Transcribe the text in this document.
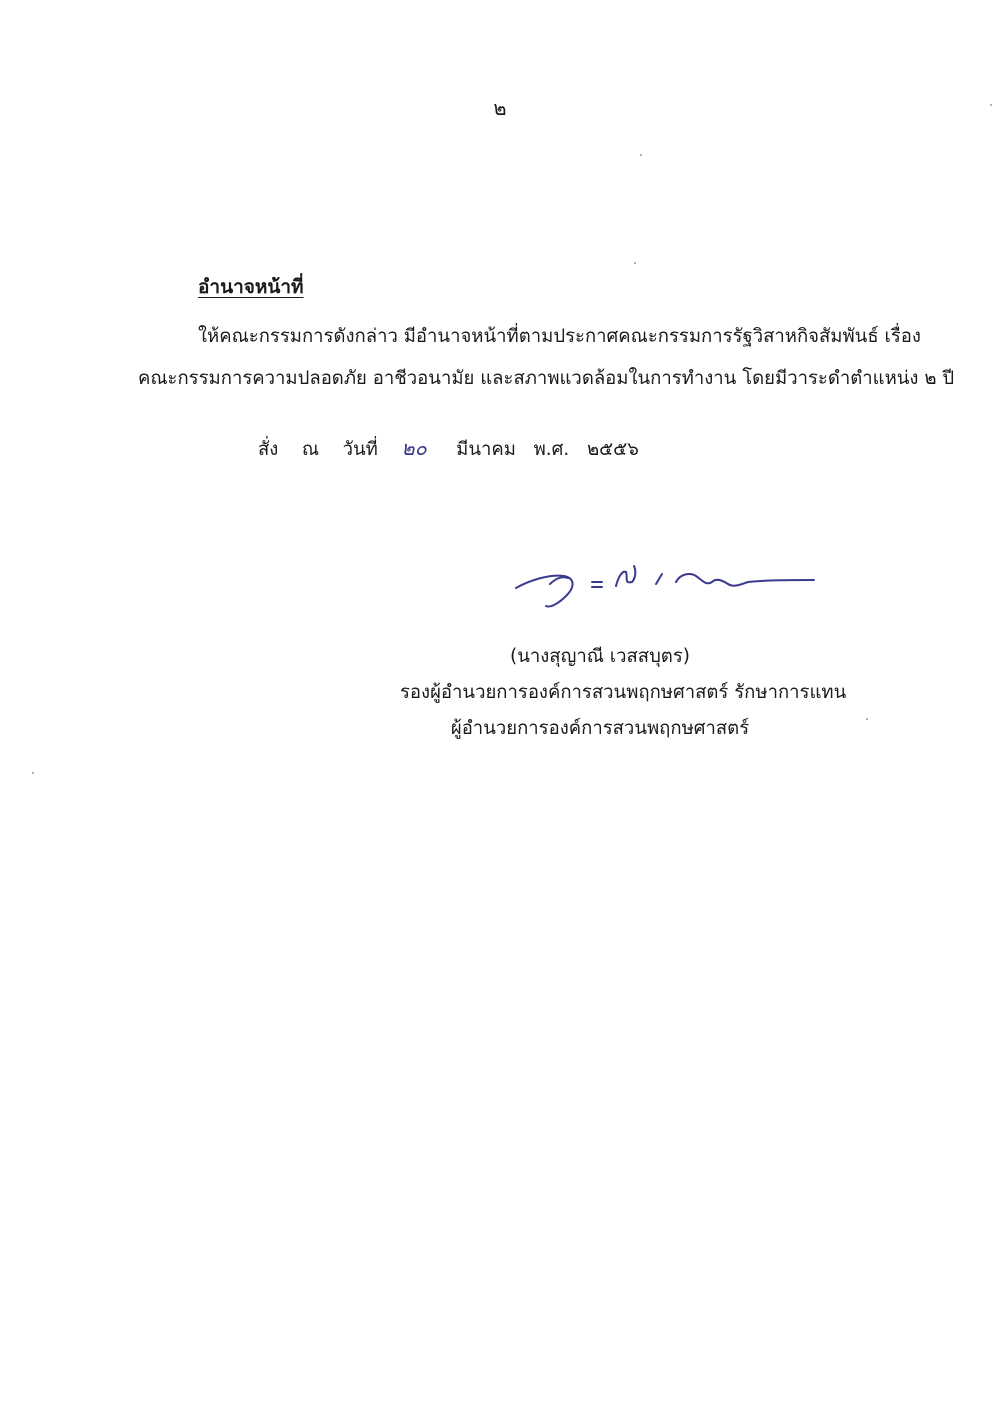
๒
อำนาจหน้าที่
ให้คณะกรรมการดังกล่าว มีอำนาจหน้าที่ตามประกาศคณะกรรมการรัฐวิสาหกิจสัมพันธ์ เรื่อง
คณะกรรมการความปลอดภัย อาชีวอนามัย และสภาพแวดล้อมในการทำงาน โดยมีวาระดำตำแหน่ง ๒ ปี
สั่ง ณ วันที่ ๒๐ มีนาคม พ.ศ. ๒๕๕๖
(นางสุญาณี เวสสบุตร)
รองผู้อำนวยการองค์การสวนพฤกษศาสตร์ รักษาการแทน
ผู้อำนวยการองค์การสวนพฤกษศาสตร์
